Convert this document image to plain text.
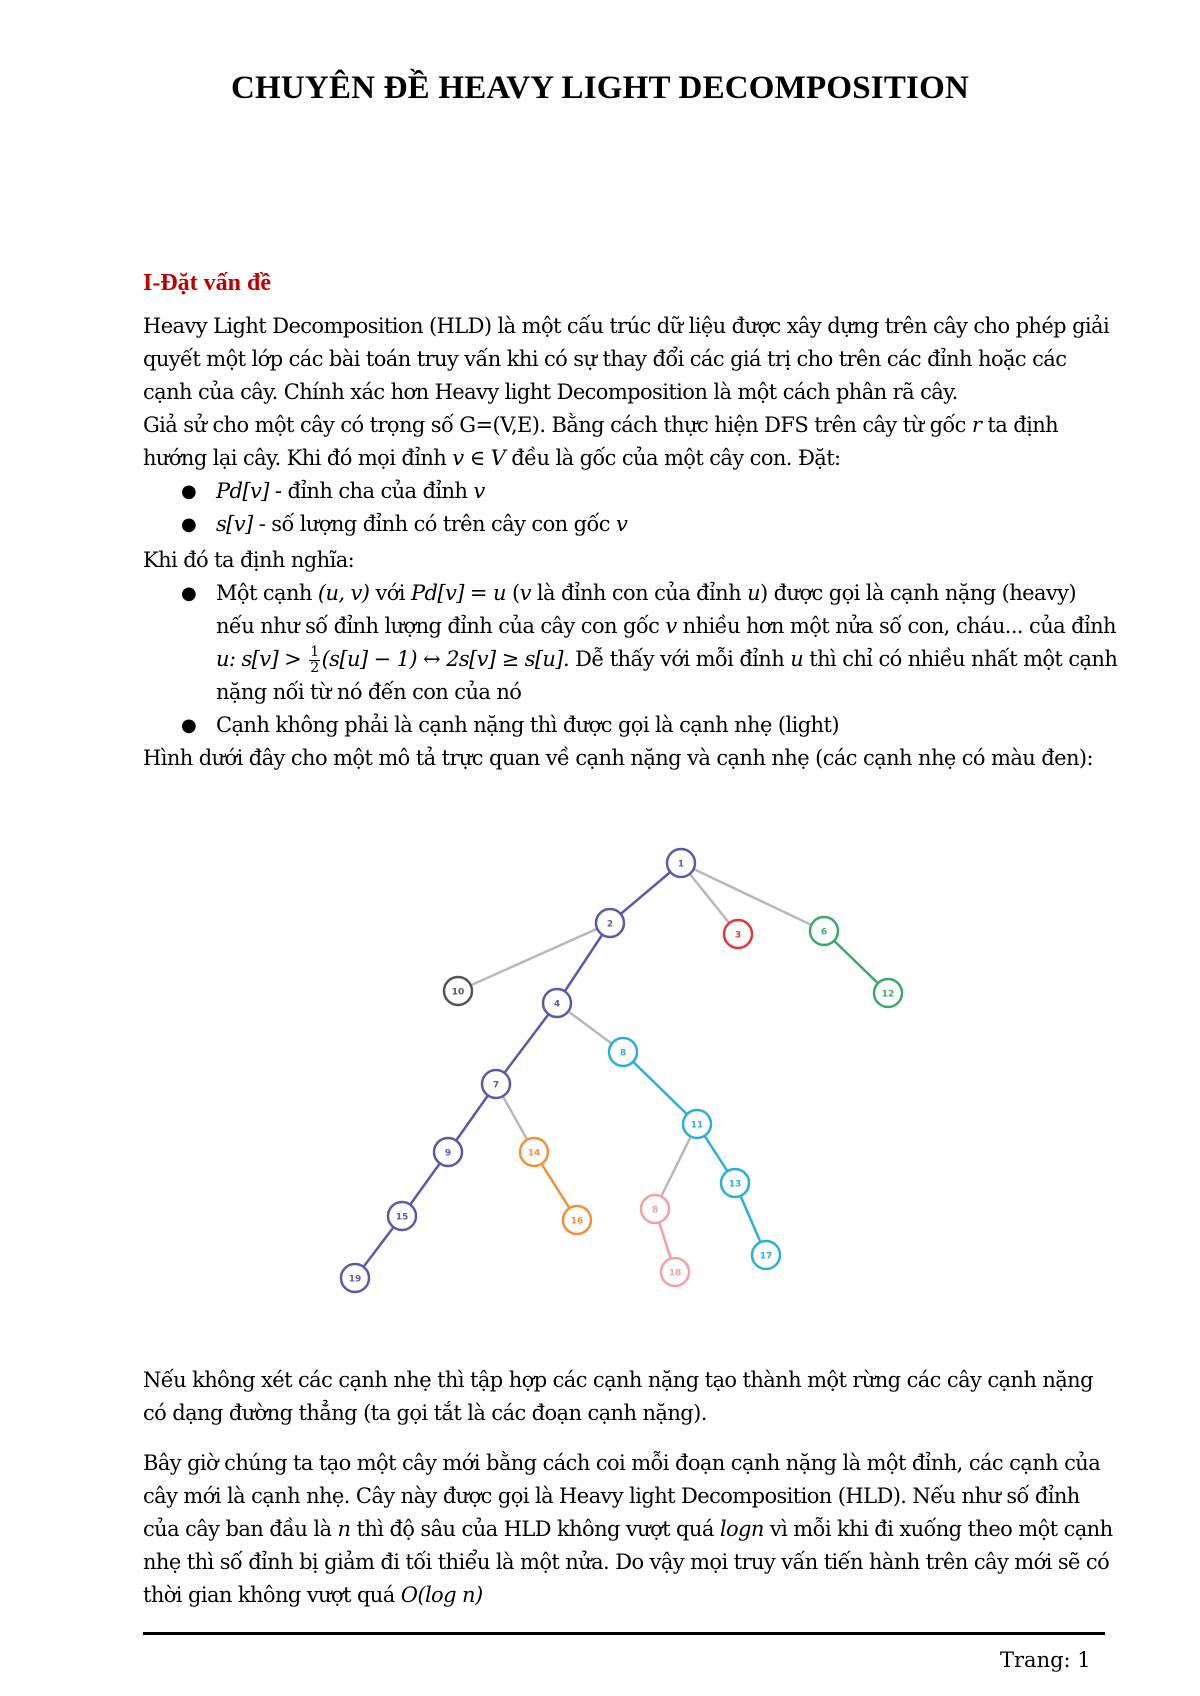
CHUYÊN ĐỀ HEAVY LIGHT DECOMPOSITION
I-Đặt vấn đề

Heavy Light Decomposition (HLD) là một cấu trúc dữ liệu được xây dựng trên cây cho phép giải quyết một lớp các bài toán truy vấn khi có sự thay đổi các giá trị cho trên các đỉnh hoặc các cạnh của cây. Chính xác hơn Heavy light Decomposition là một cách phân rã cây.

Giả sử cho một cây có trọng số G=(V,E). Bằng cách thực hiện DFS trên cây từ gốc r ta định hướng lại cây. Khi đó mọi đỉnh v ∈ V đều là gốc của một cây con. Đặt:

● Pd[v] - đỉnh cha của đỉnh v
● s[v] - số lượng đỉnh có trên cây con gốc v

Khi đó ta định nghĩa:

● Một cạnh (u, v) với Pd[v] = u (v là đỉnh con của đỉnh u) được gọi là cạnh nặng (heavy) nếu như số đỉnh lượng đỉnh của cây con gốc v nhiều hơn một nửa số con, cháu... của đỉnh u: $s[v] > \frac{1}{2} (s[u] - 1)$ ↔ 2s[v] ≥ s[u]. Dễ thấy với mỗi đỉnh u thì chỉ có nhiều nhất một cạnh nặng nối từ nó đến con của nó
● Cạnh không phải là cạnh nặng thì được gọi là cạnh nhẹ (light)

Hình dưới đây cho một mô tả trực quan về cạnh nặng và cạnh nhẹ (các cạnh nhẹ có màu đen):

1
2
3	6
12
10
4
8
7
11
9	14
13
8
15	16
17
18
19

Nếu không xét các cạnh nhẹ thì tập hợp các cạnh nặng tạo thành một rừng các cây cạnh nặng có dạng đường thẳng (ta gọi tắt là các đoạn cạnh nặng).

Bây giờ chúng ta tạo một cây mới bằng cách coi mỗi đoạn cạnh nặng là một đỉnh, các cạnh của cây mới là cạnh nhẹ. Cây này được gọi là Heavy light Decomposition (HLD). Nếu như số đỉnh của cây ban đầu là n thì độ sâu của HLD không vượt quá logn vì mỗi khi đi xuống theo một cạnh nhẹ thì số đỉnh bị giảm đi tối thiểu là một nửa. Do vậy mọi truy vấn tiến hành trên cây mới sẽ có thời gian không vượt quá O(log n)

Trang: 1
